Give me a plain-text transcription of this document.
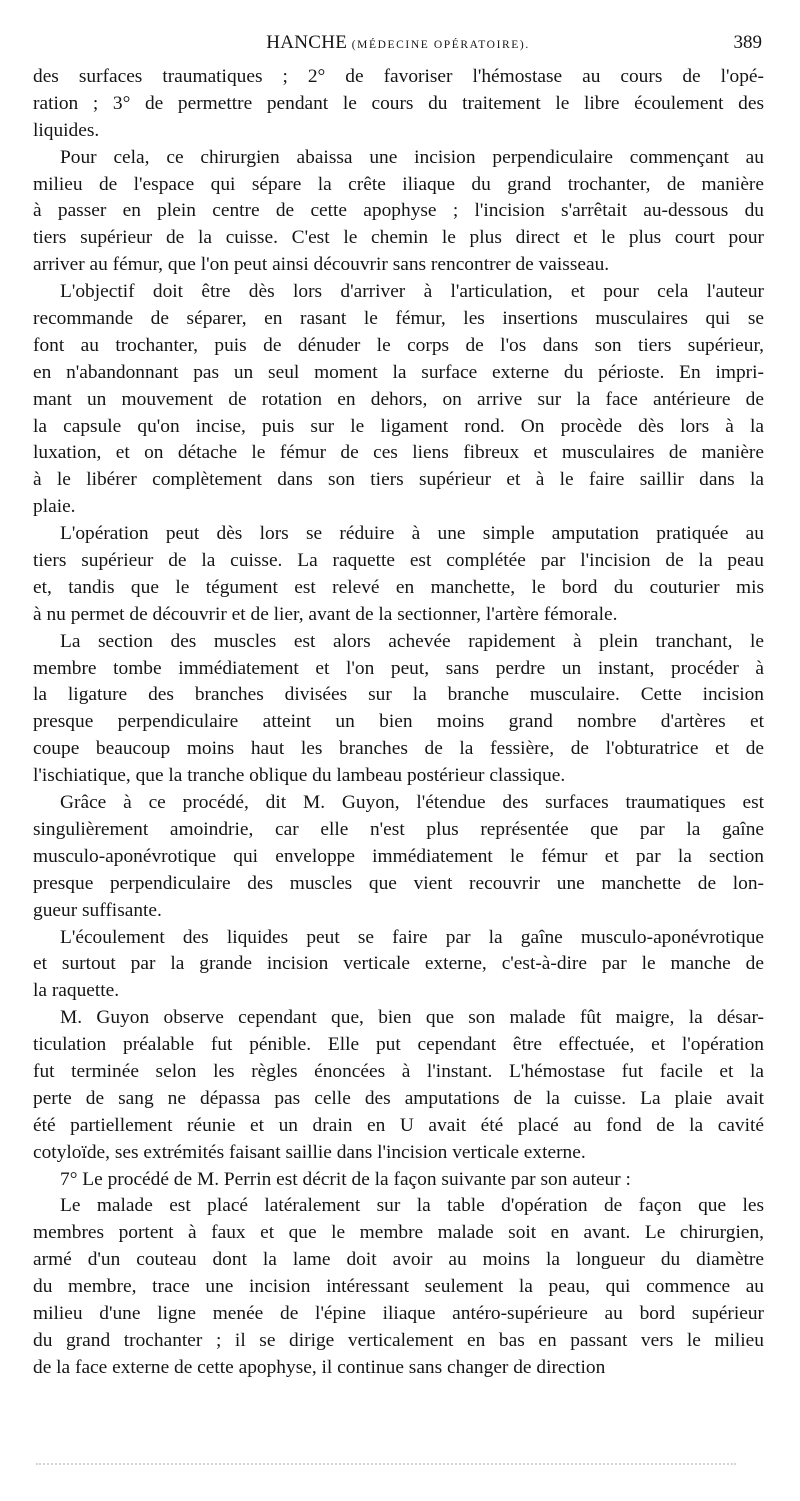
HANCHE (MÉDECINE OPÉRATOIRE).	389
des surfaces traumatiques ; 2° de favoriser l'hémostase au cours de l'opé-
ration ; 3° de permettre pendant le cours du traitement le libre écoulement des
liquides.
Pour cela, ce chirurgien abaissa une incision perpendiculaire commençant au
milieu de l'espace qui sépare la crête iliaque du grand trochanter, de manière
à passer en plein centre de cette apophyse ; l'incision s'arrêtait au-dessous du
tiers supérieur de la cuisse. C'est le chemin le plus direct et le plus court pour
arriver au fémur, que l'on peut ainsi découvrir sans rencontrer de vaisseau.
L'objectif doit être dès lors d'arriver à l'articulation, et pour cela l'auteur
recommande de séparer, en rasant le fémur, les insertions musculaires qui se
font au trochanter, puis de dénuder le corps de l'os dans son tiers supérieur,
en n'abandonnant pas un seul moment la surface externe du périoste. En impri-
mant un mouvement de rotation en dehors, on arrive sur la face antérieure de
la capsule qu'on incise, puis sur le ligament rond. On procède dès lors à la
luxation, et on détache le fémur de ces liens fibreux et musculaires de manière
à le libérer complètement dans son tiers supérieur et à le faire saillir dans la
plaie.
L'opération peut dès lors se réduire à une simple amputation pratiquée au
tiers supérieur de la cuisse. La raquette est complétée par l'incision de la peau
et, tandis que le tégument est relevé en manchette, le bord du couturier mis
à nu permet de découvrir et de lier, avant de la sectionner, l'artère fémorale.
La section des muscles est alors achevée rapidement à plein tranchant, le
membre tombe immédiatement et l'on peut, sans perdre un instant, procéder à
la ligature des branches divisées sur la branche musculaire. Cette incision
presque perpendiculaire atteint un bien moins grand nombre d'artères et
coupe beaucoup moins haut les branches de la fessière, de l'obturatrice et de
l'ischiatique, que la tranche oblique du lambeau postérieur classique.
Grâce à ce procédé, dit M. Guyon, l'étendue des surfaces traumatiques est
singulièrement amoindrie, car elle n'est plus représentée que par la gaîne
musculo-aponévrotique qui enveloppe immédiatement le fémur et par la section
presque perpendiculaire des muscles que vient recouvrir une manchette de lon-
gueur suffisante.
L'écoulement des liquides peut se faire par la gaîne musculo-aponévrotique
et surtout par la grande incision verticale externe, c'est-à-dire par le manche de
la raquette.
M. Guyon observe cependant que, bien que son malade fût maigre, la désar-
ticulation préalable fut pénible. Elle put cependant être effectuée, et l'opération
fut terminée selon les règles énoncées à l'instant. L'hémostase fut facile et la
perte de sang ne dépassa pas celle des amputations de la cuisse. La plaie avait
été partiellement réunie et un drain en U avait été placé au fond de la cavité
cotyloïde, ses extrémités faisant saillie dans l'incision verticale externe.
7° Le procédé de M. Perrin est décrit de la façon suivante par son auteur :
Le malade est placé latéralement sur la table d'opération de façon que les
membres portent à faux et que le membre malade soit en avant. Le chirurgien,
armé d'un couteau dont la lame doit avoir au moins la longueur du diamètre
du membre, trace une incision intéressant seulement la peau, qui commence au
milieu d'une ligne menée de l'épine iliaque antéro-supérieure au bord supérieur
du grand trochanter ; il se dirige verticalement en bas en passant vers le milieu
de la face externe de cette apophyse, il continue sans changer de direction
